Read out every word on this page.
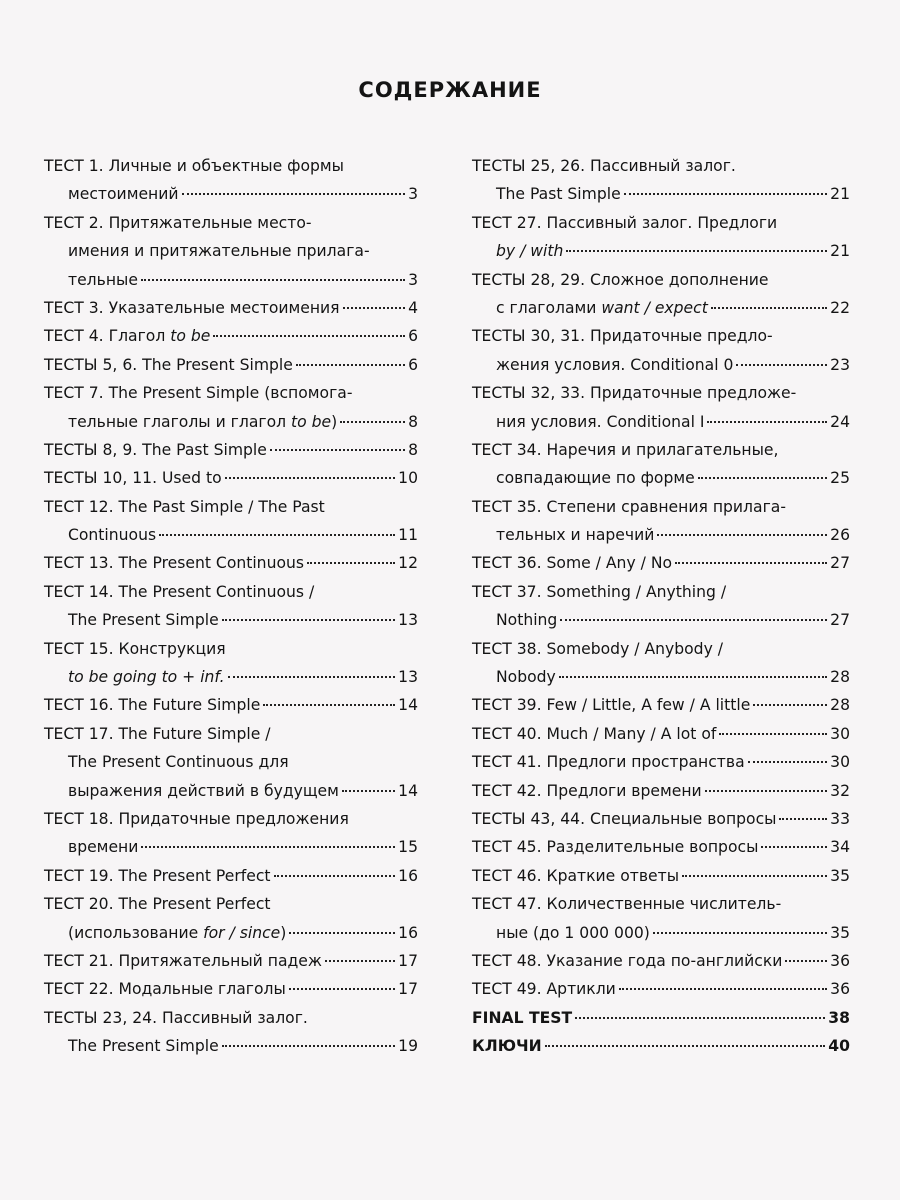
СОДЕРЖАНИЕ
ТЕСТ 1. Личные и объектные формы
местоимений	3
ТЕСТ 2. Притяжательные место-
имения и притяжательные прилага-
тельные	3
ТЕСТ 3. Указательные местоимения	4
ТЕСТ 4. Глагол to be	6
ТЕСТЫ 5, 6. The Present Simple	6
ТЕСТ 7. The Present Simple (вспомога-
тельные глаголы и глагол to be)	8
ТЕСТЫ 8, 9. The Past Simple	8
ТЕСТЫ 10, 11. Used to	10
ТЕСТ 12. The Past Simple / The Past
Continuous	11
ТЕСТ 13. The Present Continuous	12
ТЕСТ 14. The Present Continuous /
The Present Simple	13
ТЕСТ 15. Конструкция
to be going to + inf.	13
ТЕСТ 16. The Future Simple	14
ТЕСТ 17. The Future Simple /
The Present Continuous для
выражения действий в будущем	14
ТЕСТ 18. Придаточные предложения
времени	15
ТЕСТ 19. The Present Perfect	16
ТЕСТ 20. The Present Perfect
(использование for / since)	16
ТЕСТ 21. Притяжательный падеж	17
ТЕСТ 22. Модальные глаголы	17
ТЕСТЫ 23, 24. Пассивный залог.
The Present Simple	19
ТЕСТЫ 25, 26. Пассивный залог.
The Past Simple	21
ТЕСТ 27. Пассивный залог. Предлоги
by / with	21
ТЕСТЫ 28, 29. Сложное дополнение
с глаголами want / expect	22
ТЕСТЫ 30, 31. Придаточные предло-
жения условия. Conditional 0	23
ТЕСТЫ 32, 33. Придаточные предложе-
ния условия. Conditional I	24
ТЕСТ 34. Наречия и прилагательные,
совпадающие по форме	25
ТЕСТ 35. Степени сравнения прилага-
тельных и наречий	26
ТЕСТ 36. Some / Any / No	27
ТЕСТ 37. Something / Anything /
Nothing	27
ТЕСТ 38. Somebody / Anybody /
Nobody	28
ТЕСТ 39. Few / Little, A few / A little	28
ТЕСТ 40. Much / Many / A lot of	30
ТЕСТ 41. Предлоги пространства	30
ТЕСТ 42. Предлоги времени	32
ТЕСТЫ 43, 44. Специальные вопросы	33
ТЕСТ 45. Разделительные вопросы	34
ТЕСТ 46. Краткие ответы	35
ТЕСТ 47. Количественные числитель-
ные (до 1 000 000)	35
ТЕСТ 48. Указание года по-английски	36
ТЕСТ 49. Артикли	36
FINAL TEST	38
КЛЮЧИ	40
